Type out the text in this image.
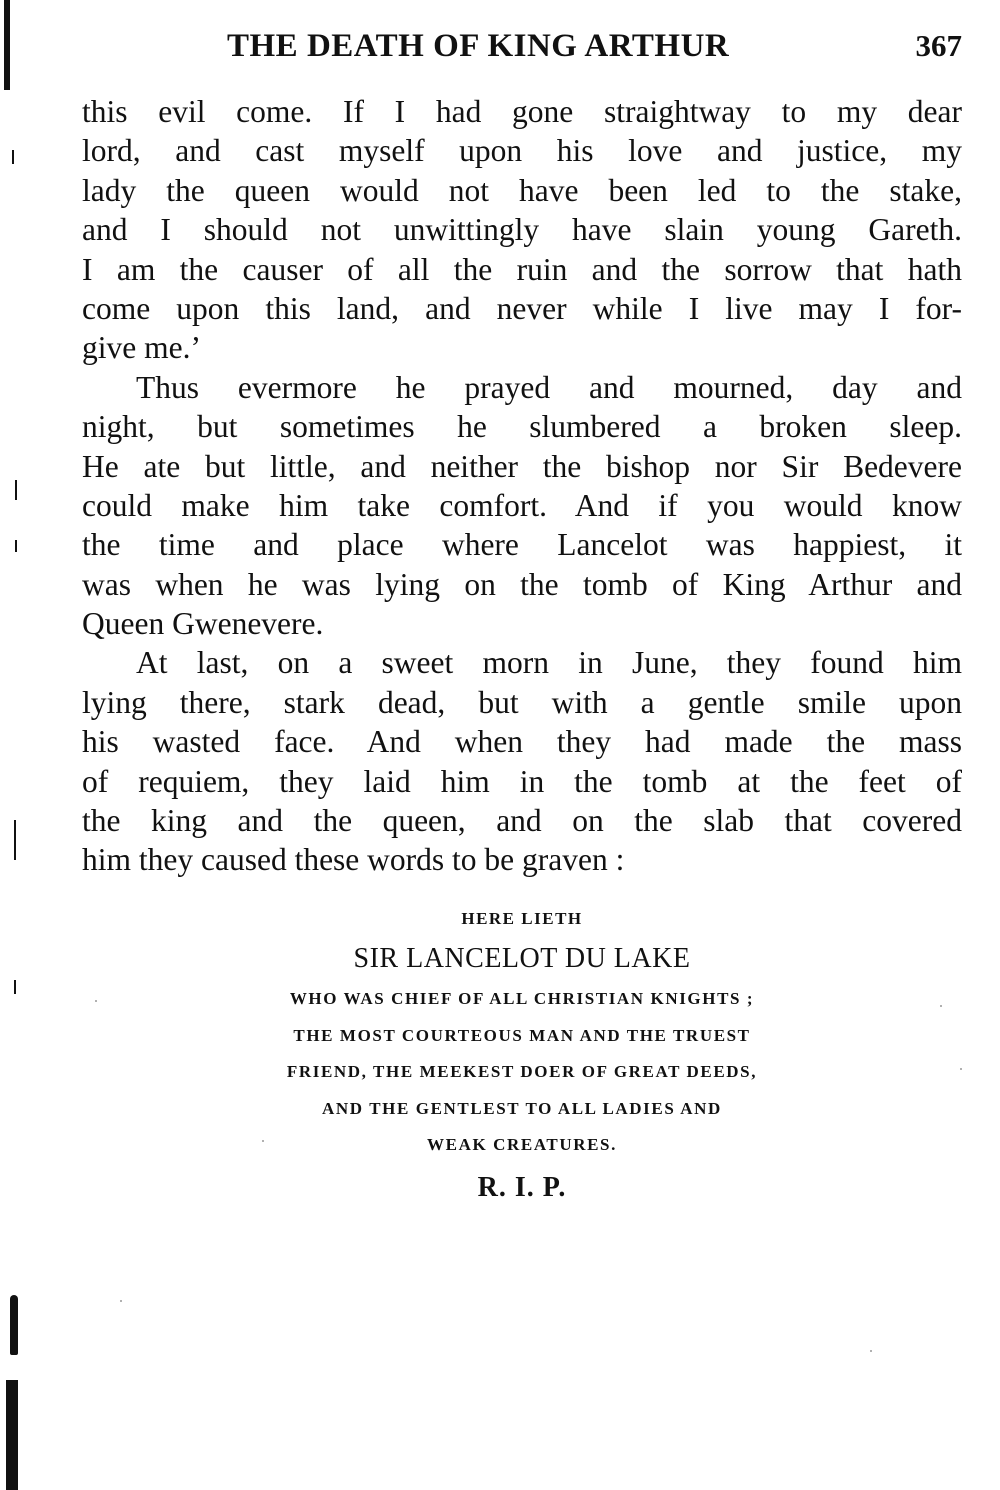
THE DEATH OF KING ARTHUR	367
this evil come. If I had gone straightway to my dear
lord, and cast myself upon his love and justice, my
lady the queen would not have been led to the stake,
and I should not unwittingly have slain young Gareth.
I am the causer of all the ruin and the sorrow that hath
come upon this land, and never while I live may I for-
give me.’
Thus evermore he prayed and mourned, day and
night, but sometimes he slumbered a broken sleep.
He ate but little, and neither the bishop nor Sir Bedevere
could make him take comfort. And if you would know
the time and place where Lancelot was happiest, it
was when he was lying on the tomb of King Arthur and
Queen Gwenevere.
At last, on a sweet morn in June, they found him
lying there, stark dead, but with a gentle smile upon
his wasted face. And when they had made the mass
of requiem, they laid him in the tomb at the feet of
the king and the queen, and on the slab that covered
him they caused these words to be graven :
HERE LIETH
SIR LANCELOT DU LAKE
WHO WAS CHIEF OF ALL CHRISTIAN KNIGHTS ;
THE MOST COURTEOUS MAN AND THE TRUEST
FRIEND, THE MEEKEST DOER OF GREAT DEEDS,
AND THE GENTLEST TO ALL LADIES AND
WEAK CREATURES.
R. I. P.
